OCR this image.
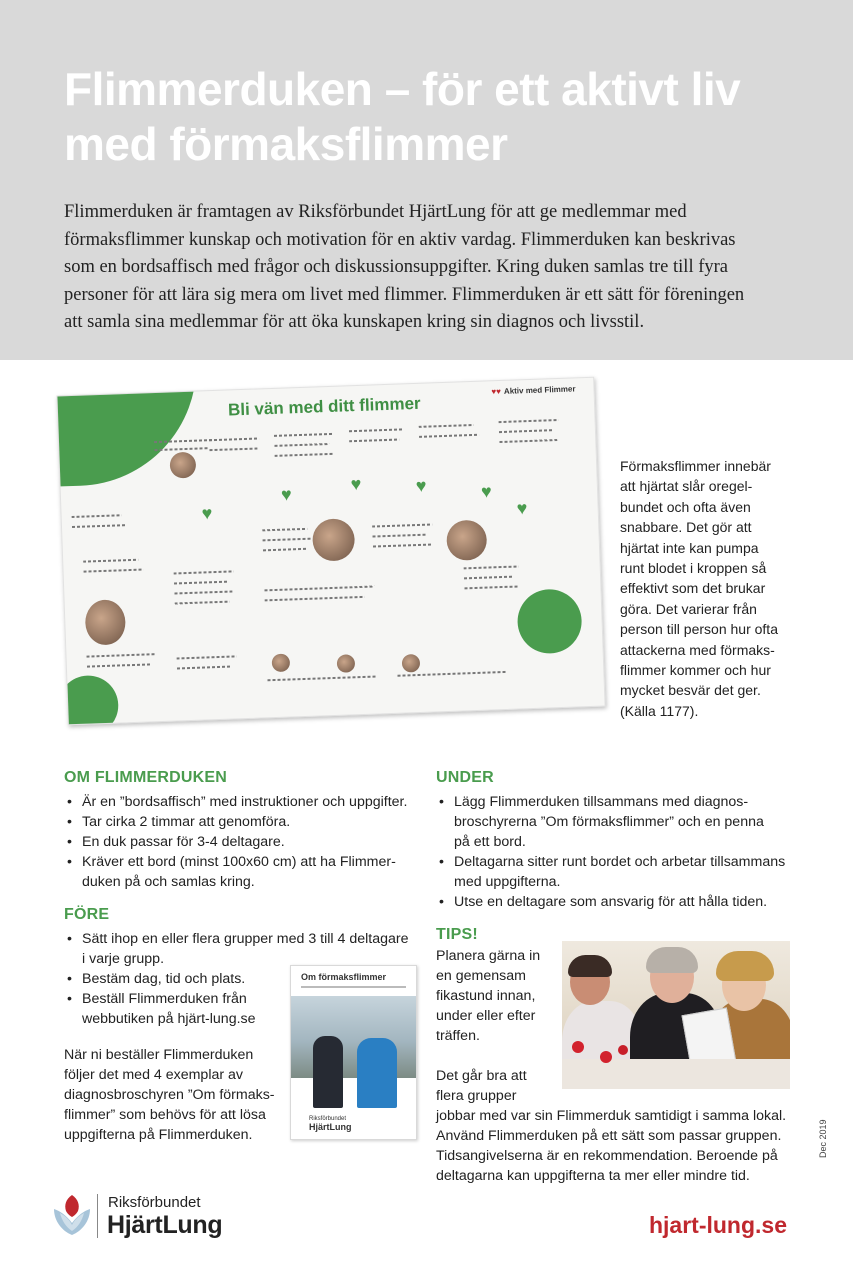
Flimmerduken – för ett aktivt liv
med förmaksflimmer
Flimmerduken är framtagen av Riksförbundet HjärtLung för att ge medlemmar med
förmaksflimmer kunskap och motivation för en aktiv vardag. Flimmerduken kan beskrivas
som en bordsaffisch med frågor och diskussionsuppgifter. Kring duken samlas tre till fyra
personer för att lära sig mera om livet med flimmer. Flimmerduken är ett sätt för föreningen
att samla sina medlemmar för att öka kunskapen kring sin diagnos och livsstil.
Bli vän med ditt flimmer
♥♥ Aktiv med Flimmer
♥
♥
♥	♥	♥
♥
Förmaksflimmer innebär
att hjärtat slår oregel-
bundet och ofta även
snabbare. Det gör att
hjärtat inte kan pumpa
runt blodet i kroppen så
effektivt som det brukar
göra. Det varierar från
person till person hur ofta
attackerna med förmaks-
flimmer kommer och hur
mycket besvär det ger.
(Källa 1177).
OM FLIMMERDUKEN
• Är en ”bordsaffisch” med instruktioner och uppgifter.
• Tar cirka 2 timmar att genomföra.
• En duk passar för 3-4 deltagare.
• Kräver ett bord (minst 100x60 cm) att ha Flimmer-
duken på och samlas kring.
FÖRE
• Sätt ihop en eller flera grupper med 3 till 4 deltagare
i varje grupp.
• Bestäm dag, tid och plats.
• Beställ Flimmerduken från
webbutiken på hjärt-lung.se
När ni beställer Flimmerduken
följer det med 4 exemplar av
diagnosbroschyren ”Om förmaks-
flimmer” som behövs för att lösa
uppgifterna på Flimmerduken.
Om förmaksflimmer
Riksförbundet
HjärtLung
UNDER
• Lägg Flimmerduken tillsammans med diagnos-
broschyrerna ”Om förmaksflimmer” och en penna
på ett bord.
• Deltagarna sitter runt bordet och arbetar tillsammans
med uppgifterna.
• Utse en deltagare som ansvarig för att hålla tiden.
TIPS!
Planera gärna in
en gemensam
fikastund innan,
under eller efter
träffen.
Det går bra att
flera grupper
jobbar med var sin Flimmerduk samtidigt i samma lokal.
Använd Flimmerduken på ett sätt som passar gruppen.
Tidsangivelserna är en rekommendation. Beroende på
deltagarna kan uppgifterna ta mer eller mindre tid.
Dec 2019
Riksförbundet
HjärtLung	hjart-lung.se
